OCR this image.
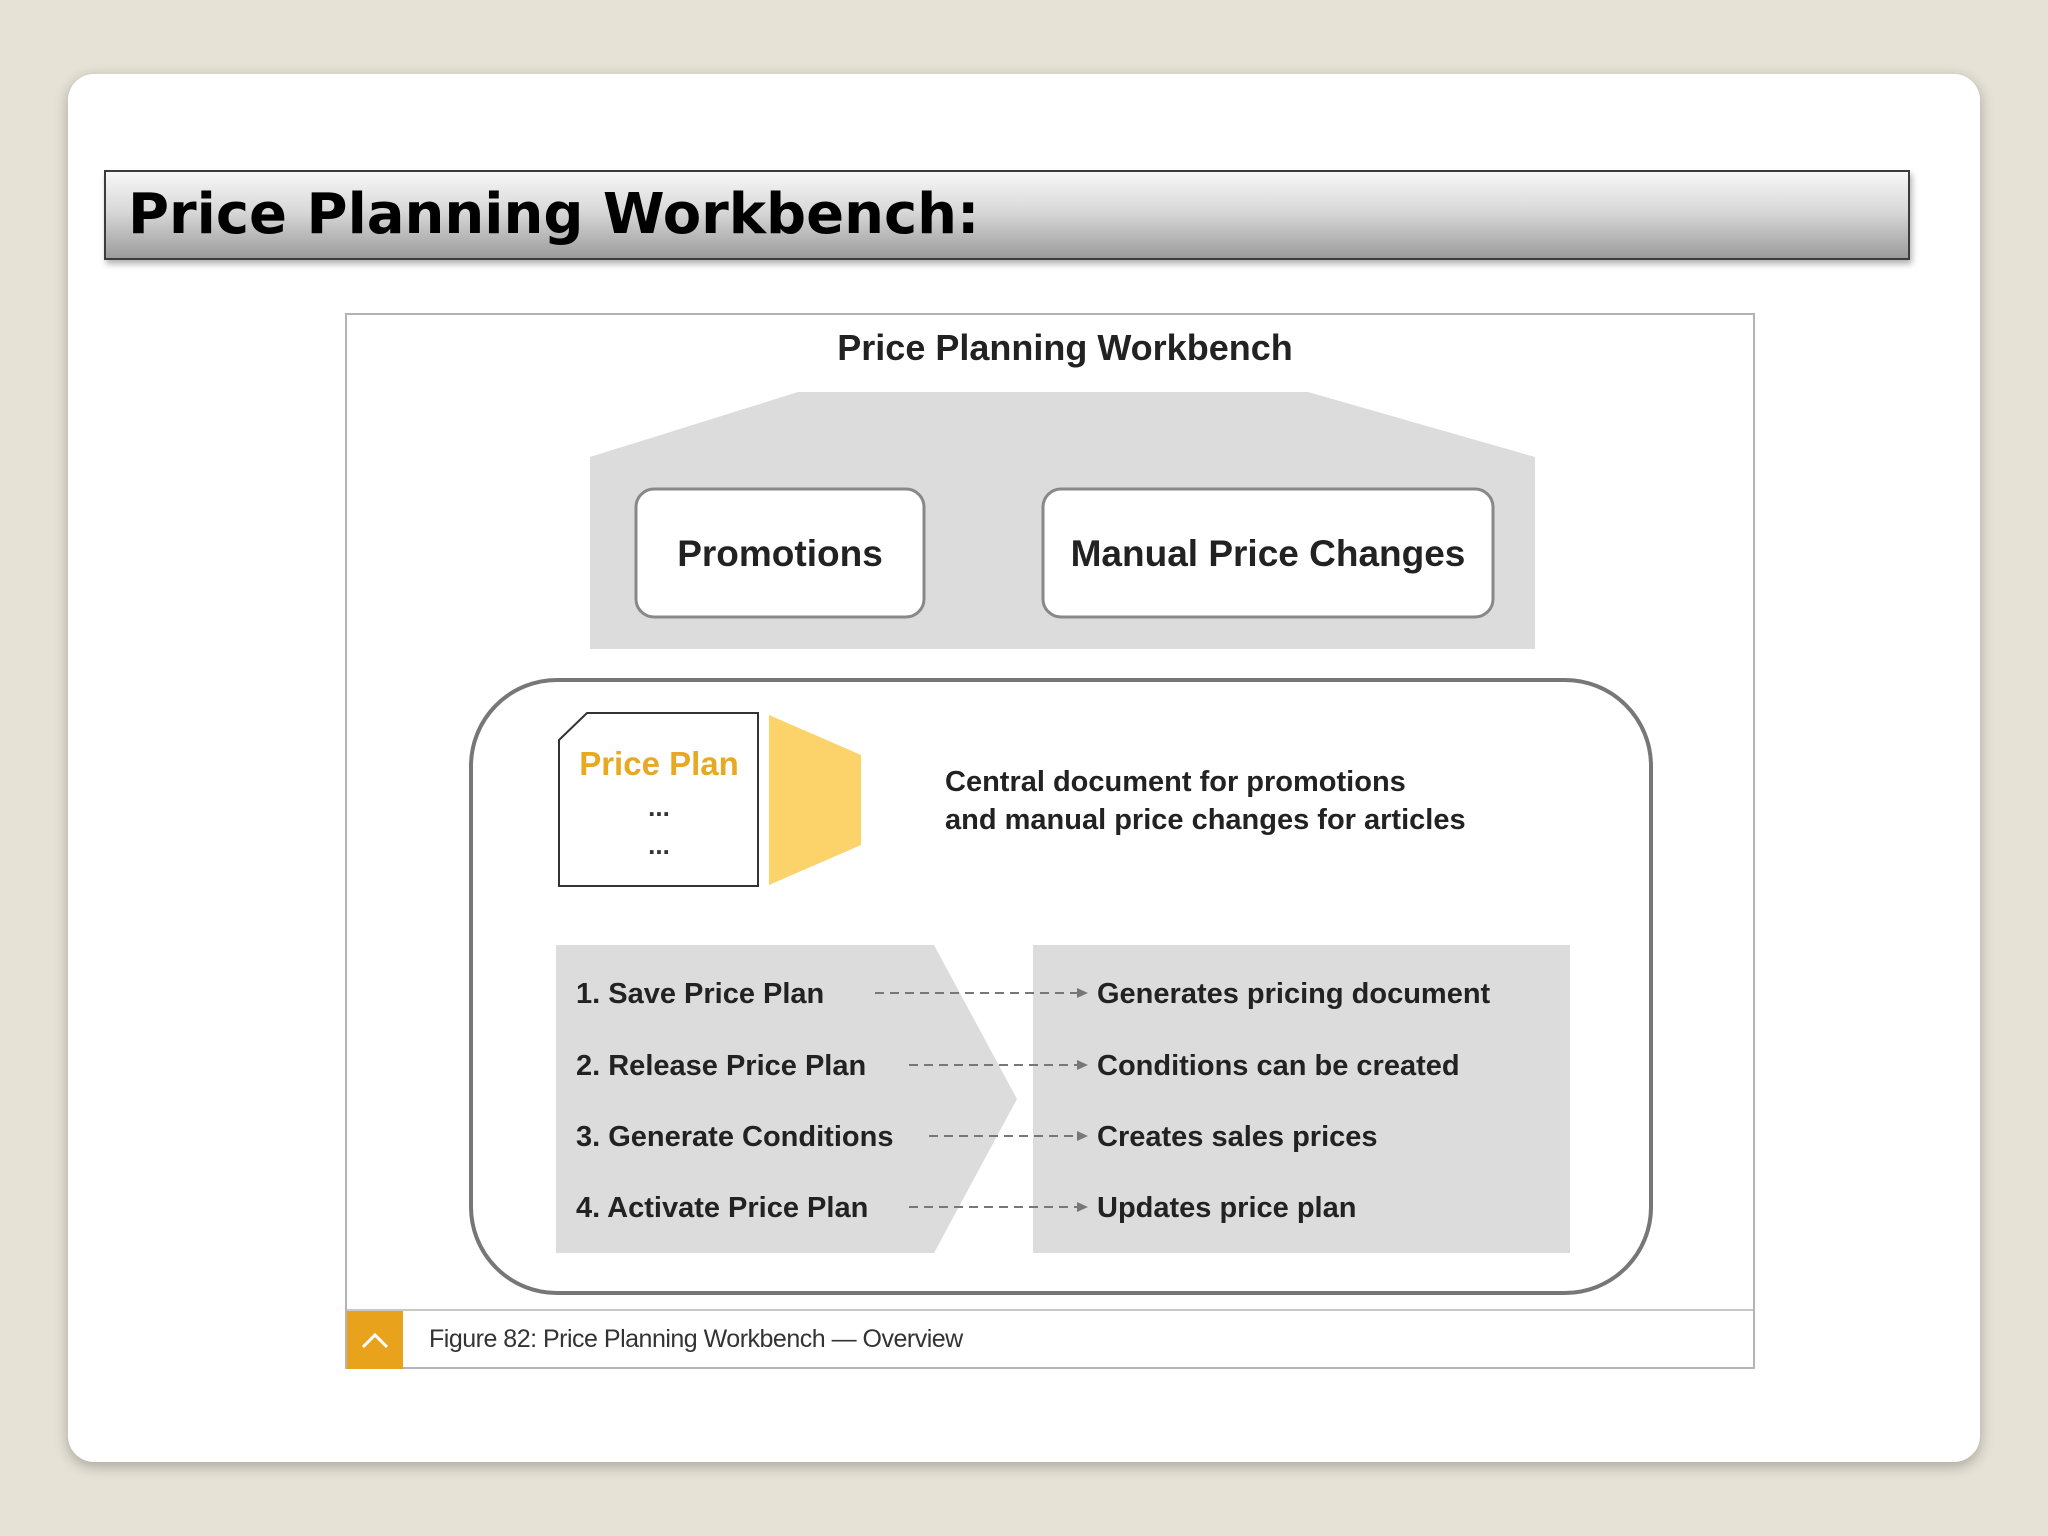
Price Planning Workbench:
Price Planning Workbench
Promotions	Manual Price Changes
Price Plan
...
...
Central document for promotions
and manual price changes for articles
1. Save Price Plan
2. Release Price Plan
3. Generate Conditions
4. Activate Price Plan
Generates pricing document
Conditions can be created
Creates sales prices
Updates price plan
Figure 82: Price Planning Workbench — Overview
